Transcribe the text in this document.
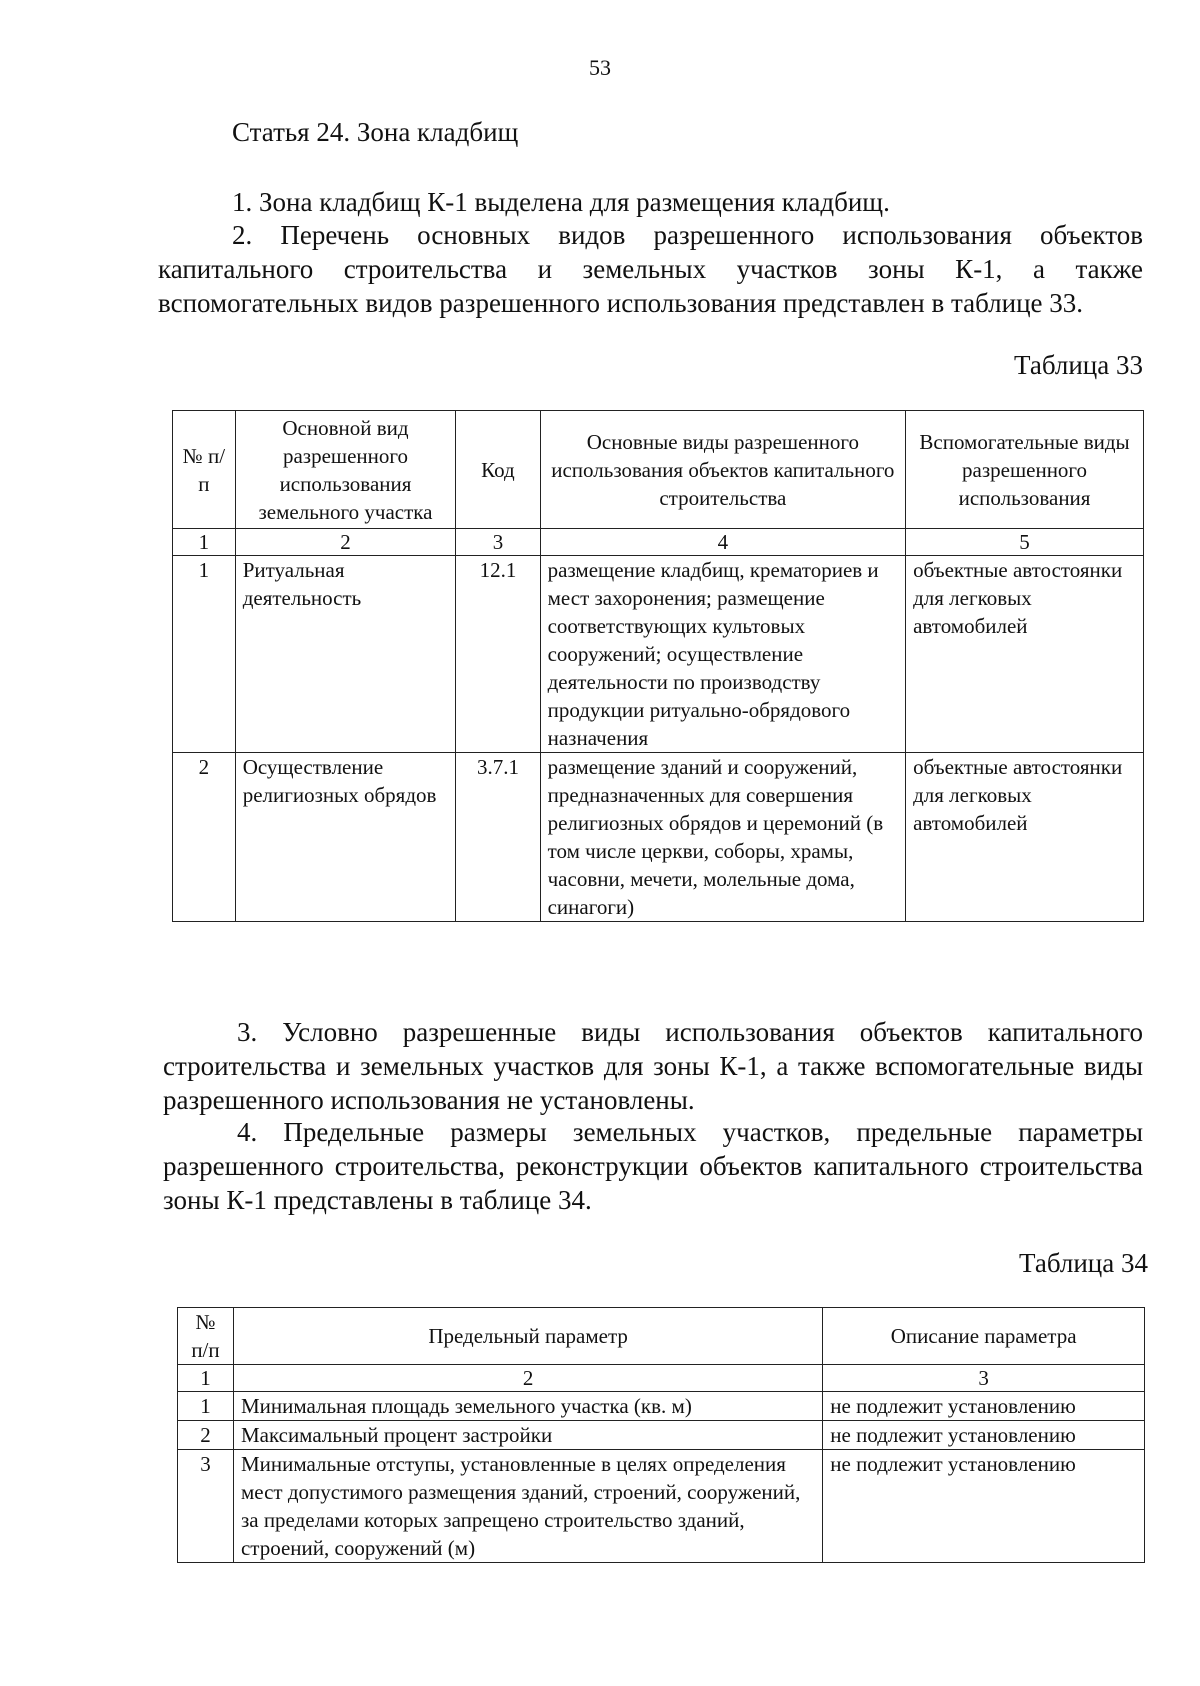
53
Статья 24. Зона кладбищ
1. Зона кладбищ К-1 выделена для размещения кладбищ.
2. Перечень основных видов разрешенного использования объектов капитального строительства и земельных участков зоны К-1, а также вспомогательных видов разрешенного использования представлен в таблице 33.
Таблица 33
№ п/п	Основной вид разрешенного использования земельного участка	Код	Основные виды разрешенного использования объектов капитального строительства	Вспомогательные виды разрешенного использования
1	2	3	4	5
1	Ритуальная деятельность	12.1	размещение кладбищ, крематориев и мест захоронения; размещение соответствующих культовых сооружений; осуществление деятельности по производству продукции ритуально-обрядового назначения	объектные автостоянки для легковых автомобилей
2	Осуществление религиозных обрядов	3.7.1	размещение зданий и сооружений, предназначенных для совершения религиозных обрядов и церемоний (в том числе церкви, соборы, храмы, часовни, мечети, молельные дома, синагоги)	объектные автостоянки для легковых автомобилей
3. Условно разрешенные виды использования объектов капитального строительства и земельных участков для зоны К-1, а также вспомогательные виды разрешенного использования не установлены.
4. Предельные размеры земельных участков, предельные параметры разрешенного строительства, реконструкции объектов капитального строительства зоны К-1 представлены в таблице 34.
Таблица 34
№ п/п	Предельный параметр	Описание параметра
1	2	3
1	Минимальная площадь земельного участка (кв. м)	не подлежит установлению
2	Максимальный процент застройки	не подлежит установлению
3	Минимальные отступы, установленные в целях определения мест допустимого размещения зданий, строений, сооружений, за пределами которых запрещено строительство зданий, строений, сооружений (м)	не подлежит установлению
